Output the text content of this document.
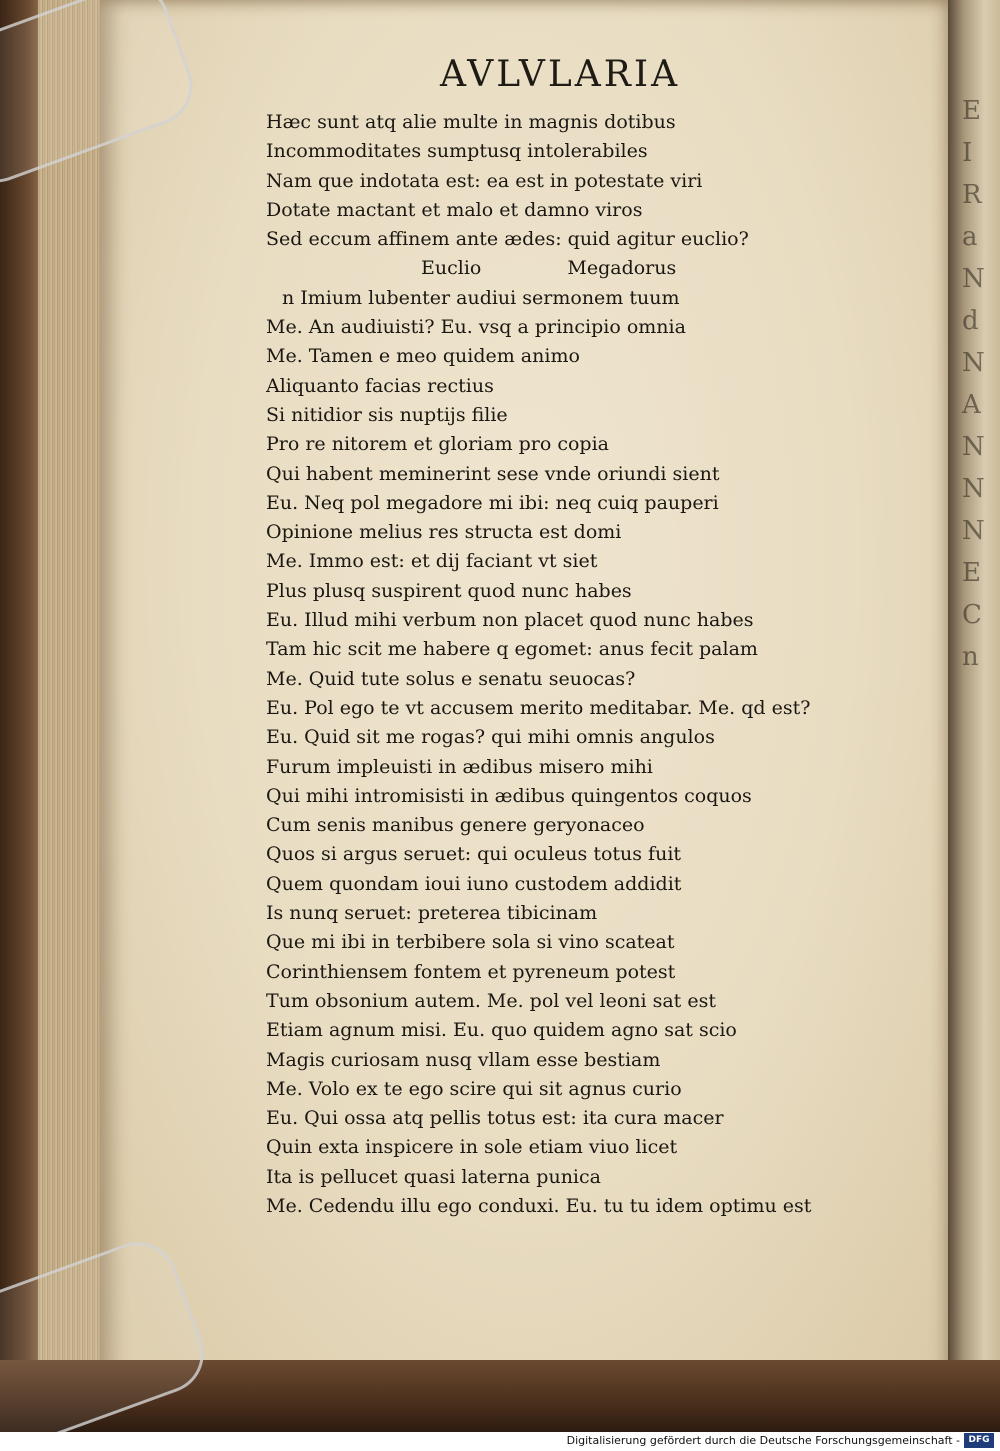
E I R a N d N A N N N E C n
AVLVLARIA
Hæc sunt atq alie multe in magnis dotibus
Incommoditates sumptusq intolerabiles
Nam que indotata est: ea est in potestate viri
Dotate mactant et malo et damno viros
Sed eccum affinem ante ædes: quid agitur euclio?
Euclio Megadorus
n Imium lubenter audiui sermonem tuum
Me. An audiuisti? Eu. vsq a principio omnia
Me. Tamen e meo quidem animo
Aliquanto facias rectius
Si nitidior sis nuptijs filie
Pro re nitorem et gloriam pro copia
Qui habent meminerint sese vnde oriundi sient
Eu. Neq pol megadore mi ibi: neq cuiq pauperi
Opinione melius res structa est domi
Me. Immo est: et dij faciant vt siet
Plus plusq suspirent quod nunc habes
Eu. Illud mihi verbum non placet quod nunc habes
Tam hic scit me habere q egomet: anus fecit palam
Me. Quid tute solus e senatu seuocas?
Eu. Pol ego te vt accusem merito meditabar. Me. qd est?
Eu. Quid sit me rogas? qui mihi omnis angulos
Furum impleuisti in ædibus misero mihi
Qui mihi intromisisti in ædibus quingentos coquos
Cum senis manibus genere geryonaceo
Quos si argus seruet: qui oculeus totus fuit
Quem quondam ioui iuno custodem addidit
Is nunq seruet: preterea tibicinam
Que mi ibi in terbibere sola si vino scateat
Corinthiensem fontem et pyreneum potest
Tum obsonium autem. Me. pol vel leoni sat est
Etiam agnum misi. Eu. quo quidem agno sat scio
Magis curiosam nusq vllam esse bestiam
Me. Volo ex te ego scire qui sit agnus curio
Eu. Qui ossa atq pellis totus est: ita cura macer
Quin exta inspicere in sole etiam viuo licet
Ita is pellucet quasi laterna punica
Me. Cedendu illu ego conduxi. Eu. tu tu idem optimu est
Digitalisierung gefördert durch die Deutsche Forschungsgemeinschaft - DFG
